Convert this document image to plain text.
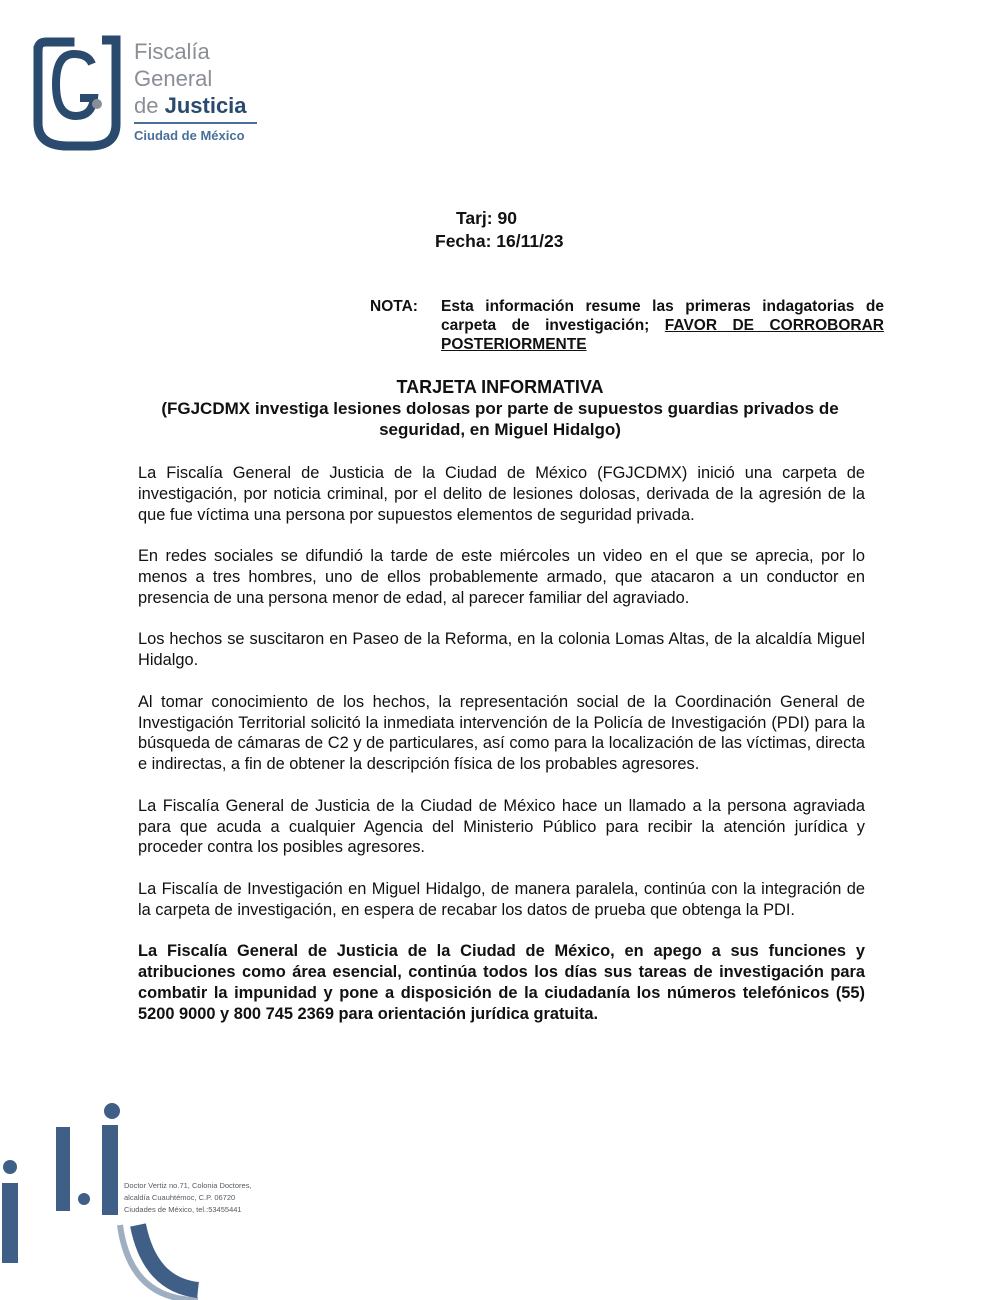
Fiscalía
General
de Justicia
Ciudad de México
Tarj: 90
Fecha: 16/11/23
NOTA: Esta información resume las primeras indagatorias de carpeta de investigación; FAVOR DE CORROBORAR POSTERIORMENTE
TARJETA INFORMATIVA
(FGJCDMX investiga lesiones dolosas por parte de supuestos guardias privados de seguridad, en Miguel Hidalgo)

La Fiscalía General de Justicia de la Ciudad de México (FGJCDMX) inició una carpeta de investigación, por noticia criminal, por el delito de lesiones dolosas, derivada de la agresión de la que fue víctima una persona por supuestos elementos de seguridad privada.

En redes sociales se difundió la tarde de este miércoles un video en el que se aprecia, por lo menos a tres hombres, uno de ellos probablemente armado, que atacaron a un conductor en presencia de una persona menor de edad, al parecer familiar del agraviado.

Los hechos se suscitaron en Paseo de la Reforma, en la colonia Lomas Altas, de la alcaldía Miguel Hidalgo.

Al tomar conocimiento de los hechos, la representación social de la Coordinación General de Investigación Territorial solicitó la inmediata intervención de la Policía de Investigación (PDI) para la búsqueda de cámaras de C2 y de particulares, así como para la localización de las víctimas, directa e indirectas, a fin de obtener la descripción física de los probables agresores.

La Fiscalía General de Justicia de la Ciudad de México hace un llamado a la persona agraviada para que acuda a cualquier Agencia del Ministerio Público para recibir la atención jurídica y proceder contra los posibles agresores.

La Fiscalía de Investigación en Miguel Hidalgo, de manera paralela, continúa con la integración de la carpeta de investigación, en espera de recabar los datos de prueba que obtenga la PDI.

La Fiscalía General de Justicia de la Ciudad de México, en apego a sus funciones y atribuciones como área esencial, continúa todos los días sus tareas de investigación para combatir la impunidad y pone a disposición de la ciudadanía los números telefónicos (55) 5200 9000 y 800 745 2369 para orientación jurídica gratuita.

Doctor Vertiz no.71, Colonia Doctores,
alcaldía Cuauhtémoc, C.P. 06720
Ciudades de México, tel.:53455441
